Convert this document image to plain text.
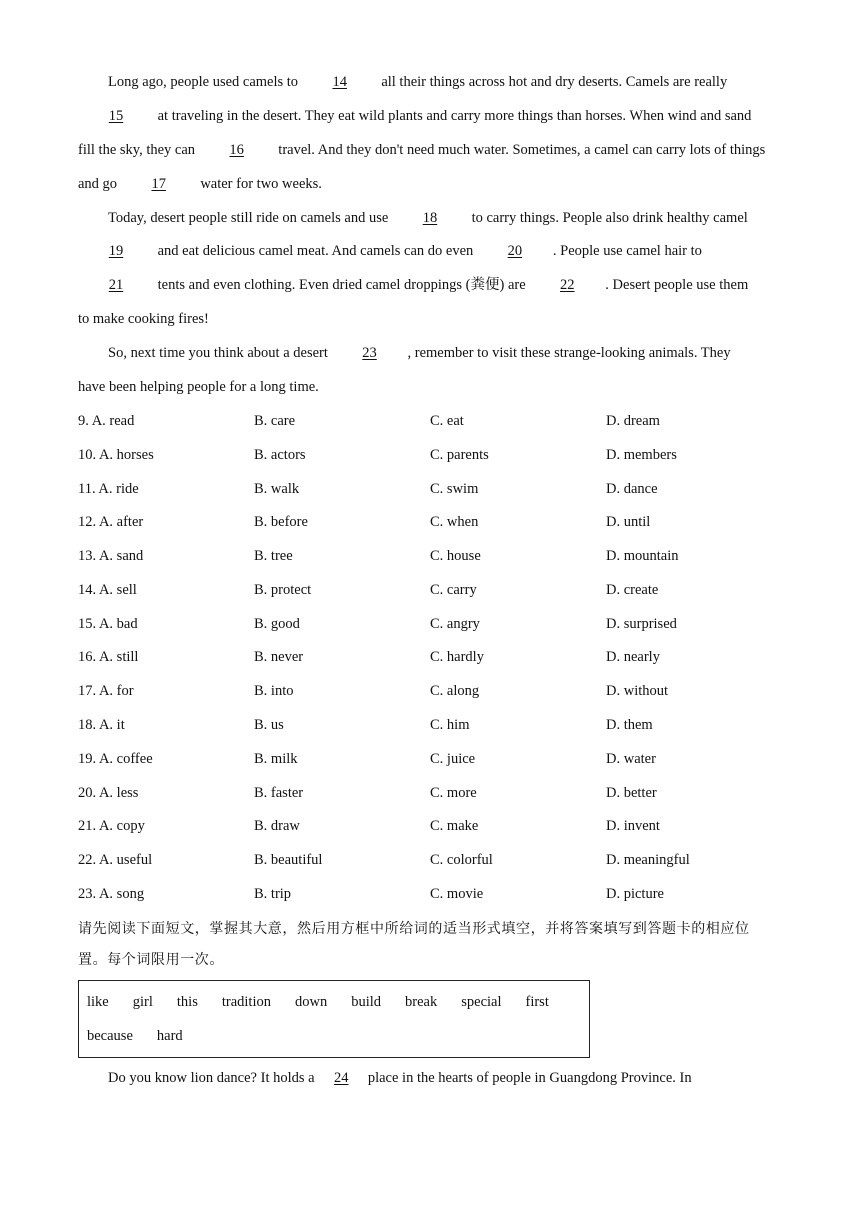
Long ago, people used camels to 14 all their things across hot and dry deserts. Camels are really
15 at traveling in the desert. They eat wild plants and carry more things than horses. When wind and sand
fill the sky, they can 16 travel. And they don't need much water. Sometimes, a camel can carry lots of things
and go 17 water for two weeks.
Today, desert people still ride on camels and use 18 to carry things. People also drink healthy camel
19 and eat delicious camel meat. And camels can do even 20 . People use camel hair to
21 tents and even clothing. Even dried camel droppings (粪便) are 22 . Desert people use them
to make cooking fires!
So, next time you think about a desert 23 , remember to visit these strange-looking animals. They
have been helping people for a long time.
9. A. read	B. care	C. eat	D. dream
10. A. horses	B. actors	C. parents	D. members
11. A. ride	B. walk	C. swim	D. dance
12. A. after	B. before	C. when	D. until
13. A. sand	B. tree	C. house	D. mountain
14. A. sell	B. protect	C. carry	D. create
15. A. bad	B. good	C. angry	D. surprised
16. A. still	B. never	C. hardly	D. nearly
17. A. for	B. into	C. along	D. without
18. A. it	B. us	C. him	D. them
19. A. coffee	B. milk	C. juice	D. water
20. A. less	B. faster	C. more	D. better
21. A. copy	B. draw	C. make	D. invent
22. A. useful	B. beautiful	C. colorful	D. meaningful
23. A. song	B. trip	C. movie	D. picture
请先阅读下面短文，掌握其大意，然后用方框中所给词的适当形式填空，并将答案填写到答题卡的相应位
置。每个词限用一次。
like girl this tradition down build break special first
because hard
Do you know lion dance? It holds a 24 place in the hearts of people in Guangdong Province. In
